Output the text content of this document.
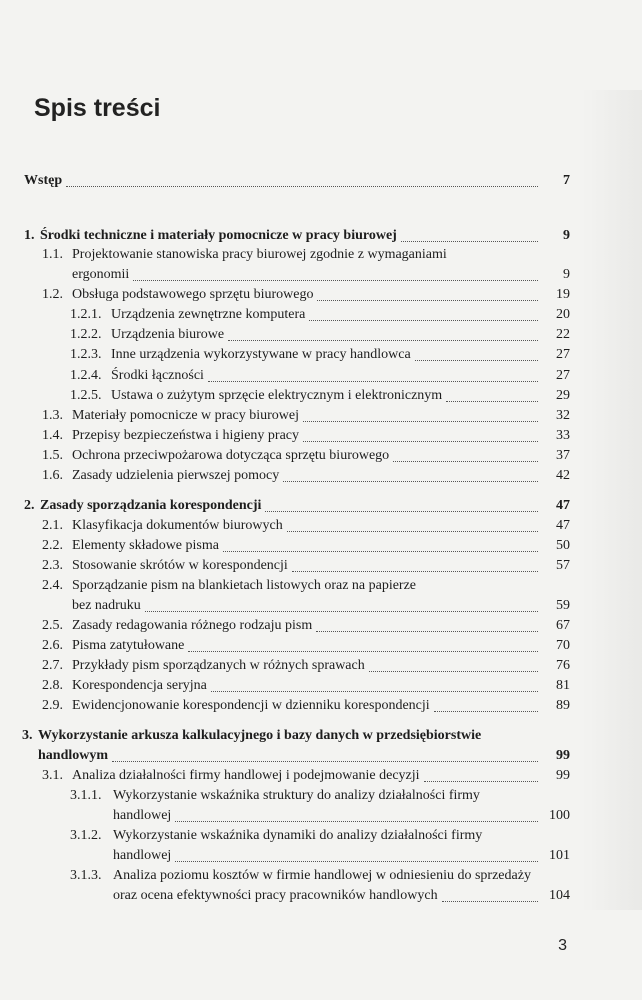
Spis treści
Wstęp	7
1. Środki techniczne i materiały pomocnicze w pracy biurowej	9
1.1. Projektowanie stanowiska pracy biurowej zgodnie z wymaganiami
ergonomii	9
1.2. Obsługa podstawowego sprzętu biurowego	19
1.2.1. Urządzenia zewnętrzne komputera	20
1.2.2. Urządzenia biurowe	22
1.2.3. Inne urządzenia wykorzystywane w pracy handlowca	27
1.2.4. Środki łączności	27
1.2.5. Ustawa o zużytym sprzęcie elektrycznym i elektronicznym	29
1.3. Materiały pomocnicze w pracy biurowej	32
1.4. Przepisy bezpieczeństwa i higieny pracy	33
1.5. Ochrona przeciwpożarowa dotycząca sprzętu biurowego	37
1.6. Zasady udzielenia pierwszej pomocy	42
2. Zasady sporządzania korespondencji	47
2.1. Klasyfikacja dokumentów biurowych	47
2.2. Elementy składowe pisma	50
2.3. Stosowanie skrótów w korespondencji	57
2.4. Sporządzanie pism na blankietach listowych oraz na papierze
bez nadruku	59
2.5. Zasady redagowania różnego rodzaju pism	67
2.6. Pisma zatytułowane	70
2.7. Przykłady pism sporządzanych w różnych sprawach	76
2.8. Korespondencja seryjna	81
2.9. Ewidencjonowanie korespondencji w dzienniku korespondencji	89
3. Wykorzystanie arkusza kalkulacyjnego i bazy danych w przedsiębiorstwie
handlowym	99
3.1. Analiza działalności firmy handlowej i podejmowanie decyzji	99
3.1.1. Wykorzystanie wskaźnika struktury do analizy działalności firmy
handlowej	100
3.1.2. Wykorzystanie wskaźnika dynamiki do analizy działalności firmy
handlowej	101
3.1.3. Analiza poziomu kosztów w firmie handlowej w odniesieniu do sprzedaży
oraz ocena efektywności pracy pracowników handlowych	104
3
